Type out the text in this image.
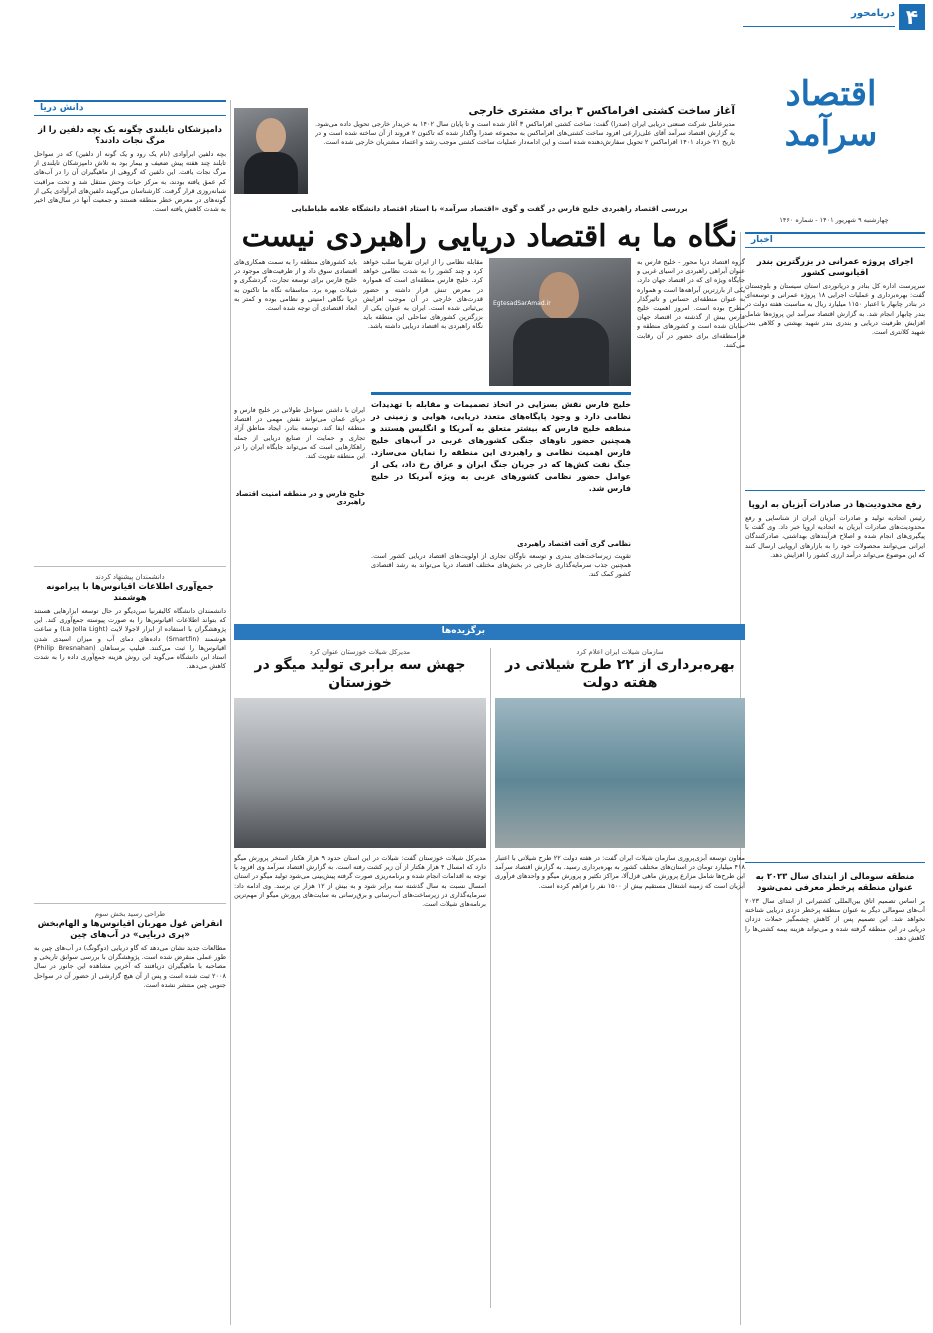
۴
دریامحور
اقتصاد سرآمد
چهارشنبه ۹ شهریور ۱۴۰۱ - شماره ۱۴۶۰
آغاز ساخت کشتی افراماکس ۳ برای مشتری خارجی
مدیرعامل شرکت صنعتی دریایی ایران (صدرا) گفت: ساخت کشتی افراماکس ۳ آغاز شده است و تا پایان سال ۱۴۰۲ به خریدار خارجی تحویل داده می‌شود. به گزارش اقتصاد سرآمد آقای علی‌زارعی افزود ساخت کشتی‌های افراماکس به مجموعه صدرا واگذار شده که تاکنون ۲ فروند از آن ساخته شده است و در تاریخ ۲۱ خرداد ۱۴۰۱ افراماکس ۲ تحویل سفارش‌دهنده شده است و این ادامه‌دار عملیات ساخت کشتی موجب رشد و اعتماد مشتریان خارجی شده است.
دانش دریا
دامپزشکان تایلندی چگونه یک بچه دلفین را از مرگ نجات دادند؟
بچه دلفین ابرآوادی (نام یک رود و یک گونه از دلفین) که در سواحل تایلند چند هفته پیش ضعیف و بیمار بود به تلاش دامپزشکان تایلندی از مرگ نجات یافت. این دلفین که گروهی از ماهیگیران آن را در آب‌های کم عمق یافته بودند، به مرکز حیات وحش منتقل شد و تحت مراقبت شبانه‌روزی قرار گرفت. کارشناسان می‌گویند دلفین‌های ابرآوادی یکی از گونه‌های در معرض خطر منطقه هستند و جمعیت آنها در سال‌های اخیر به شدت کاهش یافته است.
دانشمندان پیشنهاد کردند
جمع‌آوری اطلاعات اقیانوس‌ها با پیرامونه هوشمند
دانشمندان دانشگاه کالیفرنیا سن‌دیگو در حال توسعه ابزارهایی هستند که بتواند اطلاعات اقیانوس‌ها را به صورت پیوسته جمع‌آوری کند. این پژوهشگران با استفاده از ابزار لاجولا لایت (La Jolla Light) و ساعت هوشمند (Smartfin) داده‌های دمای آب و میزان اسیدی شدن اقیانوس‌ها را ثبت می‌کنند. فیلیپ برسناهان (Philip Bresnahan) استاد این دانشگاه می‌گوید این روش هزینه جمع‌آوری داده را به شدت کاهش می‌دهد.
طراحی رسید بخش سوم
انقراض غول مهربان اقیانوس‌ها و الهام‌بخش «پری دریایی» در آب‌های چین
مطالعات جدید نشان می‌دهد که گاو دریایی (دوگونگ) در آب‌های چین به طور عملی منقرض شده است. پژوهشگران با بررسی سوابق تاریخی و مصاحبه با ماهیگیران دریافتند که آخرین مشاهده این جانور در سال ۲۰۰۸ ثبت شده است و پس از آن هیچ گزارشی از حضور آن در سواحل جنوبی چین منتشر نشده است.
اخبار
اجرای پروژه عمرانی در بزرگترین بندر اقیانوسی کشور
سرپرست اداره کل بنادر و دریانوردی استان سیستان و بلوچستان گفت: بهره‌برداری و عملیات اجرایی ۱۸ پروژه عمرانی و توسعه‌ای در بنادر چابهار با اعتبار ۱۱۵۰ میلیارد ریال به مناسبت هفته دولت در بندر چابهار انجام شد. به گزارش اقتصاد سرآمد این پروژه‌ها شامل افزایش ظرفیت دریایی و بندری بندر شهید بهشتی و کلاهی بندر شهید کلانتری است.
رفع محدودیت‌ها در صادرات آبزیان به اروپا
رئیس اتحادیه تولید و صادرات آبزیان ایران از شناسایی و رفع محدودیت‌های صادرات آبزیان به اتحادیه اروپا خبر داد. وی گفت با پیگیری‌های انجام شده و اصلاح فرآیندهای بهداشتی، صادرکنندگان ایرانی می‌توانند محصولات خود را به بازارهای اروپایی ارسال کنند که این موضوع می‌تواند درآمد ارزی کشور را افزایش دهد.
منطقه سومالی از ابتدای سال ۲۰۲۳ به عنوان منطقه پرخطر معرفی نمی‌شود
بر اساس تصمیم اتاق بین‌المللی کشتیرانی از ابتدای سال ۲۰۲۳ آب‌های سومالی دیگر به عنوان منطقه پرخطر دزدی دریایی شناخته نخواهد شد. این تصمیم پس از کاهش چشمگیر حملات دزدان دریایی در این منطقه گرفته شده و می‌تواند هزینه بیمه کشتی‌ها را کاهش دهد.
بررسی اقتصاد راهبردی خلیج فارس در گفت و گوی «اقتصاد سرآمد» با استاد اقتصاد دانشگاه علامه طباطبایی
نگاه ما به اقتصاد دریایی راهبردی نیست
گروه اقتصاد دریا محور - خلیج فارس به عنوان آبراهی راهبردی در اسیای غربی و جایگاه ویژه ای که در اقتصاد جهان دارد، یکی از بارزترین آبراهه‌ها است و همواره به عنوان منطقه‌ای حساس و تاثیرگذار مطرح بوده است. امروز اهمیت خلیج فارس بیش از گذشته در اقتصاد جهان نمایان شده است و کشورهای منطقه و فرامنطقه‌ای برای حضور در آن رقابت می‌کنند.
EgtesadSarAmad.ir
مقابله نظامی را از ایران تقریبا سلب خواهد کرد و چند کشور را به شدت نظامی خواهد کرد. خلیج فارس منطقه‌ای است که همواره در معرض تنش قرار داشته و حضور قدرت‌های خارجی در آن موجب افزایش بی‌ثباتی شده است. ایران به عنوان یکی از بزرگترین کشورهای ساحلی این منطقه باید نگاه راهبردی به اقتصاد دریایی داشته باشد.
باید کشورهای منطقه را به سمت همکاری‌های اقتصادی سوق داد و از ظرفیت‌های موجود در خلیج فارس برای توسعه تجارت، گردشگری و شیلات بهره برد. متاسفانه نگاه ما تاکنون به دریا نگاهی امنیتی و نظامی بوده و کمتر به ابعاد اقتصادی آن توجه شده است.
خلیج فارس نقش بسزایی در اتخاذ تصمیمات و مقابله با تهدیدات نظامی دارد و وجود پایگاه‌های متعدد دریایی، هوایی و زمینی در منطقه خلیج فارس که بیشتر متعلق به آمریکا و انگلیس هستند و همچنین حضور ناوهای جنگی کشورهای غربی در آب‌های خلیج فارس اهمیت نظامی و راهبردی این منطقه را نمایان می‌سازد. جنگ نفت کش‌ها که در جریان جنگ ایران و عراق رخ داد، یکی از عوامل حضور نظامی کشورهای غربی به ویژه آمریکا در خلیج فارس شد.
ایران با داشتن سواحل طولانی در خلیج فارس و دریای عمان می‌تواند نقش مهمی در اقتصاد منطقه ایفا کند. توسعه بنادر، ایجاد مناطق آزاد تجاری و حمایت از صنایع دریایی از جمله راهکارهایی است که می‌تواند جایگاه ایران را در این منطقه تقویت کند.
خلیج فارس و در منطقه امنیت اقتصاد راهبردی
نظامی گری آفت اقتصاد راهبردی
تقویت زیرساخت‌های بندری و توسعه ناوگان تجاری از اولویت‌های اقتصاد دریایی کشور است. همچنین جذب سرمایه‌گذاری خارجی در بخش‌های مختلف اقتصاد دریا می‌تواند به رشد اقتصادی کشور کمک کند.
برگزیده‌ها
سازمان شیلات ایران اعلام کرد
بهره‌برداری از ۲۲ طرح شیلاتی در هفته دولت
معاون توسعه آبزی‌پروری سازمان شیلات ایران گفت: در هفته دولت ۲۲ طرح شیلاتی با اعتبار ۴۱۸ میلیارد تومان در استان‌های مختلف کشور به بهره‌برداری رسید. به گزارش اقتصاد سرآمد این طرح‌ها شامل مزارع پرورش ماهی قزل‌آلا، مراکز تکثیر و پرورش میگو و واحدهای فرآوری آبزیان است که زمینه اشتغال مستقیم بیش از ۱۵۰۰ نفر را فراهم کرده است.
مدیرکل شیلات خوزستان عنوان کرد
جهش سه برابری تولید میگو در خوزستان
مدیرکل شیلات خوزستان گفت: شیلات در این استان حدود ۹ هزار هکتار استخر پرورش میگو دارد که امسال ۴ هزار هکتار از آن زیر کشت رفته است. به گزارش اقتصاد سرآمد وی افزود با توجه به اقدامات انجام شده و برنامه‌ریزی صورت گرفته پیش‌بینی می‌شود تولید میگو در استان امسال نسبت به سال گذشته سه برابر شود و به بیش از ۱۲ هزار تن برسد. وی ادامه داد: سرمایه‌گذاری در زیرساخت‌های آب‌رسانی و برق‌رسانی به سایت‌های پرورش میگو از مهم‌ترین برنامه‌های شیلات است.
